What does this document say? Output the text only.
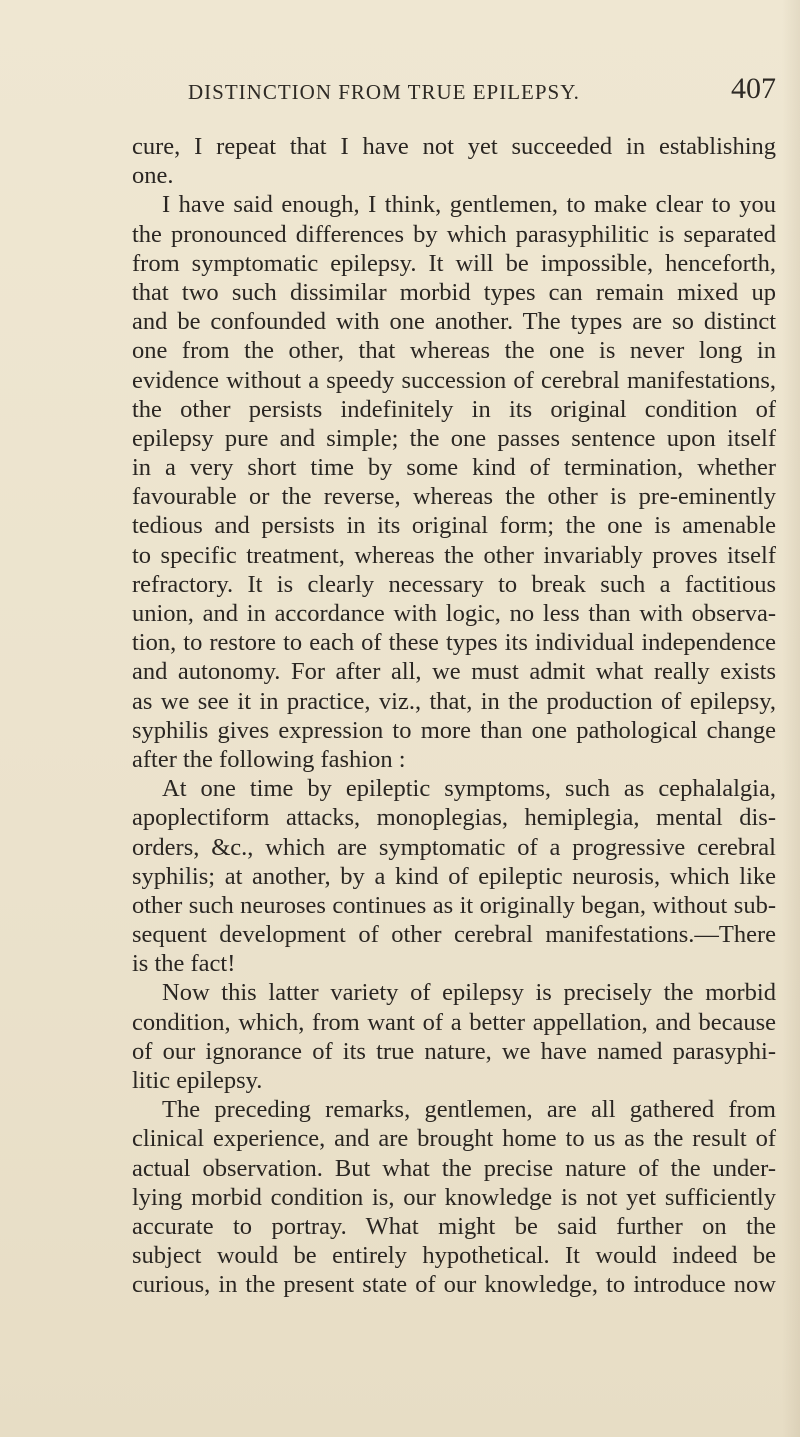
DISTINCTION FROM TRUE EPILEPSY.	407
cure, I repeat that I have not yet succeeded in establishing
one.
I have said enough, I think, gentlemen, to make clear to you
the pronounced differences by which parasyphilitic is separated
from symptomatic epilepsy. It will be impossible, henceforth,
that two such dissimilar morbid types can remain mixed up
and be confounded with one another. The types are so distinct
one from the other, that whereas the one is never long in
evidence without a speedy succession of cerebral manifestations,
the other persists indefinitely in its original condition of
epilepsy pure and simple; the one passes sentence upon itself
in a very short time by some kind of termination, whether
favourable or the reverse, whereas the other is pre-eminently
tedious and persists in its original form; the one is amenable
to specific treatment, whereas the other invariably proves itself
refractory. It is clearly necessary to break such a factitious
union, and in accordance with logic, no less than with observa-
tion, to restore to each of these types its individual independence
and autonomy. For after all, we must admit what really exists
as we see it in practice, viz., that, in the production of epilepsy,
syphilis gives expression to more than one pathological change
after the following fashion :
At one time by epileptic symptoms, such as cephalalgia,
apoplectiform attacks, monoplegias, hemiplegia, mental dis-
orders, &c., which are symptomatic of a progressive cerebral
syphilis; at another, by a kind of epileptic neurosis, which like
other such neuroses continues as it originally began, without sub-
sequent development of other cerebral manifestations.—There
is the fact!
Now this latter variety of epilepsy is precisely the morbid
condition, which, from want of a better appellation, and because
of our ignorance of its true nature, we have named parasyphi-
litic epilepsy.
The preceding remarks, gentlemen, are all gathered from
clinical experience, and are brought home to us as the result of
actual observation. But what the precise nature of the under-
lying morbid condition is, our knowledge is not yet sufficiently
accurate to portray. What might be said further on the
subject would be entirely hypothetical. It would indeed be
curious, in the present state of our knowledge, to introduce now
